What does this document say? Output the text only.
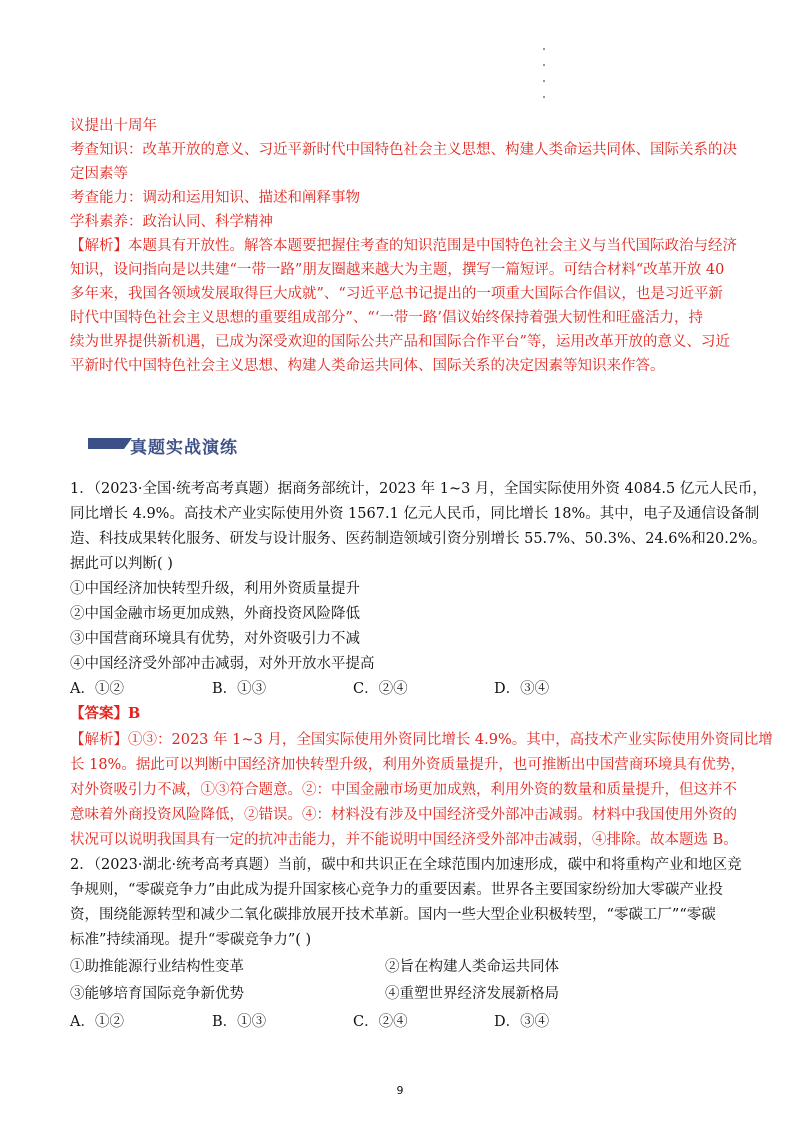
议提出十周年
考查知识：改革开放的意义、习近平新时代中国特色社会主义思想、构建人类命运共同体、国际关系的决
定因素等
考查能力：调动和运用知识、描述和阐释事物
学科素养：政治认同、科学精神
【解析】本题具有开放性。解答本题要把握住考查的知识范围是中国特色社会主义与当代国际政治与经济
知识，设问指向是以共建“一带一路”朋友圈越来越大为主题，撰写一篇短评。可结合材料“改革开放 40
多年来，我国各领域发展取得巨大成就”、“习近平总书记提出的一项重大国际合作倡议，也是习近平新
时代中国特色社会主义思想的重要组成部分”、“‘一带一路’倡议始终保持着强大韧性和旺盛活力，持
续为世界提供新机遇，已成为深受欢迎的国际公共产品和国际合作平台”等，运用改革开放的意义、习近
平新时代中国特色社会主义思想、构建人类命运共同体、国际关系的决定因素等知识来作答。
真题实战演练
1．（2023·全国·统考高考真题）据商务部统计，2023 年 1~3 月，全国实际使用外资 4084.5 亿元人民币，
同比增长 4.9%。高技术产业实际使用外资 1567.1 亿元人民币，同比增长 18%。其中，电子及通信设备制
造、科技成果转化服务、研发与设计服务、医药制造领域引资分别增长 55.7%、50.3%、24.6%和20.2%。
据此可以判断( )
①中国经济加快转型升级，利用外资质量提升
②中国金融市场更加成熟，外商投资风险降低
③中国营商环境具有优势，对外资吸引力不减
④中国经济受外部冲击减弱，对外开放水平提高
A．①②	B．①③	C．②④	D．③④
【答案】B
【解析】①③：2023 年 1~3 月，全国实际使用外资同比增长 4.9%。其中，高技术产业实际使用外资同比增
长 18%。据此可以判断中国经济加快转型升级，利用外资质量提升，也可推断出中国营商环境具有优势，
对外资吸引力不减，①③符合题意。②：中国金融市场更加成熟，利用外资的数量和质量提升，但这并不
意味着外商投资风险降低，②错误。④：材料没有涉及中国经济受外部冲击减弱。材料中我国使用外资的
状况可以说明我国具有一定的抗冲击能力，并不能说明中国经济受外部冲击减弱，④排除。故本题选 B。
2．（2023·湖北·统考高考真题）当前，碳中和共识正在全球范围内加速形成，碳中和将重构产业和地区竞
争规则，“零碳竞争力”由此成为提升国家核心竞争力的重要因素。世界各主要国家纷纷加大零碳产业投
资，围绕能源转型和减少二氧化碳排放展开技术革新。国内一些大型企业积极转型，“零碳工厂”“零碳
标准”持续涌现。提升“零碳竞争力”( )
①助推能源行业结构性变革	②旨在构建人类命运共同体
③能够培育国际竞争新优势	④重塑世界经济发展新格局
A．①②	B．①③	C．②④	D．③④
9
